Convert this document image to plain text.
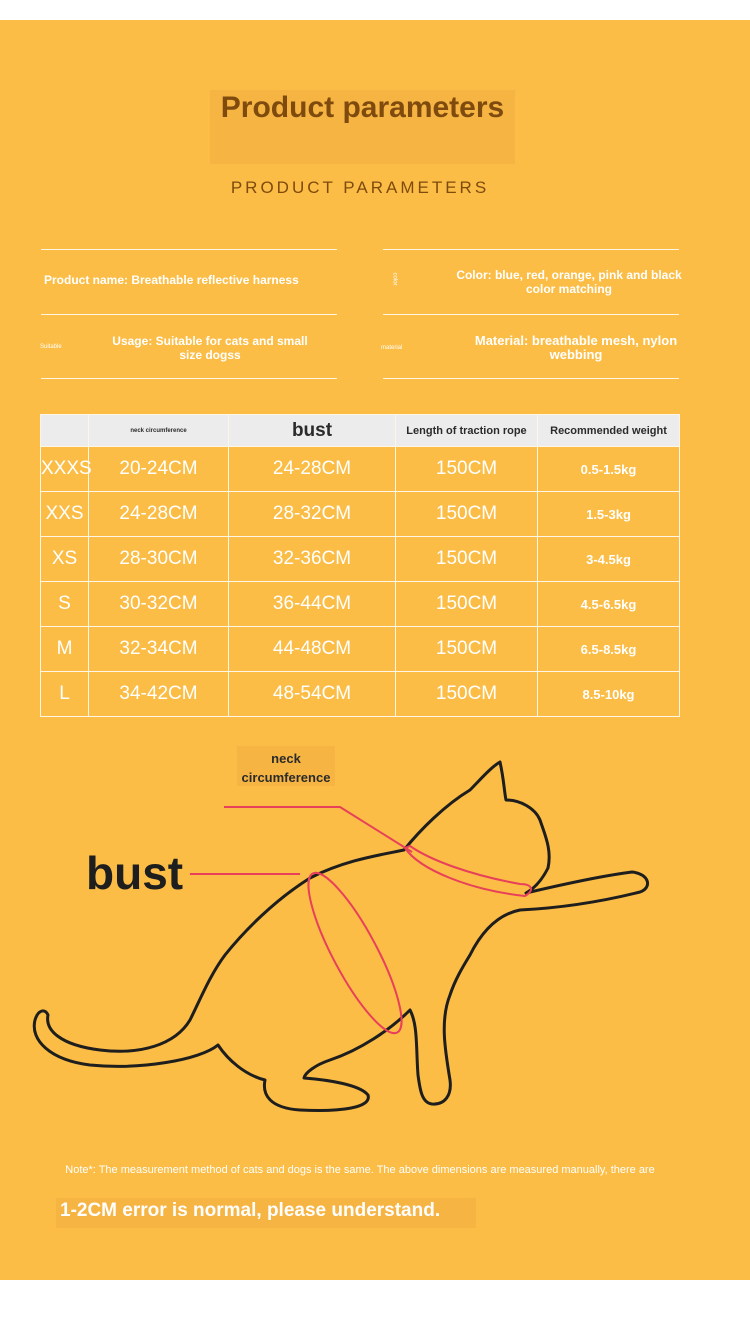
Product parameters
PRODUCT PARAMETERS
Product name: Breathable reflective harness	color	Color: blue, red, orange, pink and black color matching
Suitable	Usage: Suitable for cats and small size dogss	material	Material: breathable mesh, nylon webbing
	neck circumference	bust	Length of traction rope	Recommended weight
XXXS	20-24CM	24-28CM	150CM	0.5-1.5kg
XXS	24-28CM	28-32CM	150CM	1.5-3kg
XS	28-30CM	32-36CM	150CM	3-4.5kg
S	30-32CM	36-44CM	150CM	4.5-6.5kg
M	32-34CM	44-48CM	150CM	6.5-8.5kg
L	34-42CM	48-54CM	150CM	8.5-10kg
neck circumference
bust
Note*: The measurement method of cats and dogs is the same. The above dimensions are measured manually, there are
1-2CM error is normal, please understand.
